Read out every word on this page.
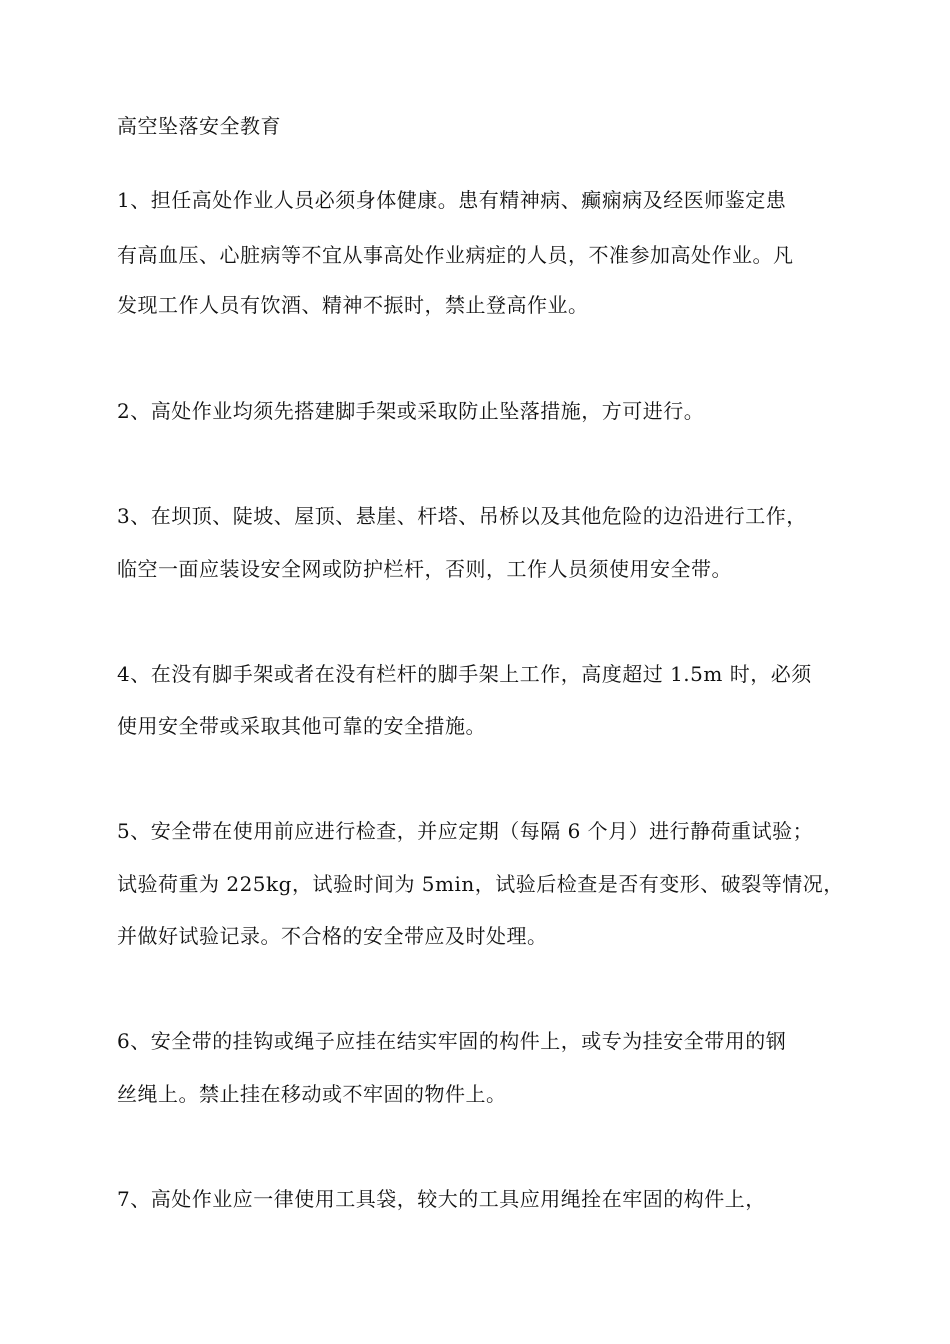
高空坠落安全教育
1、担任高处作业人员必须身体健康。患有精神病、癫痫病及经医师鉴定患
有高血压、心脏病等不宜从事高处作业病症的人员，不准参加高处作业。凡
发现工作人员有饮酒、精神不振时，禁止登高作业。
2、高处作业均须先搭建脚手架或采取防止坠落措施，方可进行。
3、在坝顶、陡坡、屋顶、悬崖、杆塔、吊桥以及其他危险的边沿进行工作，
临空一面应装设安全网或防护栏杆，否则，工作人员须使用安全带。
4、在没有脚手架或者在没有栏杆的脚手架上工作，高度超过 1.5m 时，必须
使用安全带或采取其他可靠的安全措施。
5、安全带在使用前应进行检查，并应定期（每隔 6 个月）进行静荷重试验；
试验荷重为 225kg，试验时间为 5min，试验后检查是否有变形、破裂等情况，
并做好试验记录。不合格的安全带应及时处理。
6、安全带的挂钩或绳子应挂在结实牢固的构件上，或专为挂安全带用的钢
丝绳上。禁止挂在移动或不牢固的物件上。
7、高处作业应一律使用工具袋，较大的工具应用绳拴在牢固的构件上，
